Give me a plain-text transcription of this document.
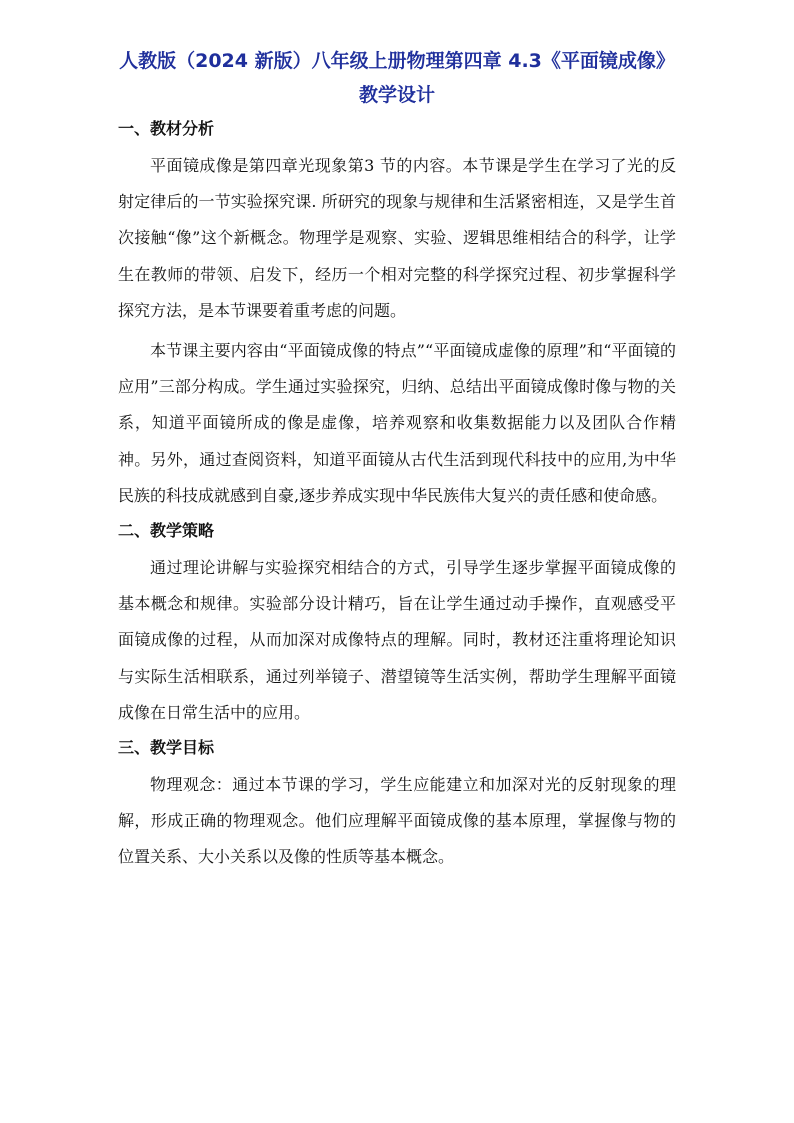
人教版（2024 新版）八年级上册物理第四章 4.3《平面镜成像》教学设计
一、教材分析

平面镜成像是第四章光现象第3 节的内容。本节课是学生在学习了光的反射定律后的一节实验探究课. 所研究的现象与规律和生活紧密相连，又是学生首次接触“像”这个新概念。物理学是观察、实验、逻辑思维相结合的科学，让学生在教师的带领、启发下，经历一个相对完整的科学探究过程、初步掌握科学探究方法，是本节课要着重考虑的问题。

本节课主要内容由“平面镜成像的特点”“平面镜成虚像的原理”和“平面镜的应用”三部分构成。学生通过实验探究，归纳、总结出平面镜成像时像与物的关系，知道平面镜所成的像是虚像，培养观察和收集数据能力以及团队合作精神。另外，通过查阅资料，知道平面镜从古代生活到现代科技中的应用,为中华民族的科技成就感到自豪,逐步养成实现中华民族伟大复兴的责任感和使命感。

二、教学策略

通过理论讲解与实验探究相结合的方式，引导学生逐步掌握平面镜成像的基本概念和规律。实验部分设计精巧，旨在让学生通过动手操作，直观感受平面镜成像的过程，从而加深对成像特点的理解。同时，教材还注重将理论知识与实际生活相联系，通过列举镜子、潜望镜等生活实例，帮助学生理解平面镜成像在日常生活中的应用。

三、教学目标

物理观念：通过本节课的学习，学生应能建立和加深对光的反射现象的理解，形成正确的物理观念。他们应理解平面镜成像的基本原理，掌握像与物的位置关系、大小关系以及像的性质等基本概念。
